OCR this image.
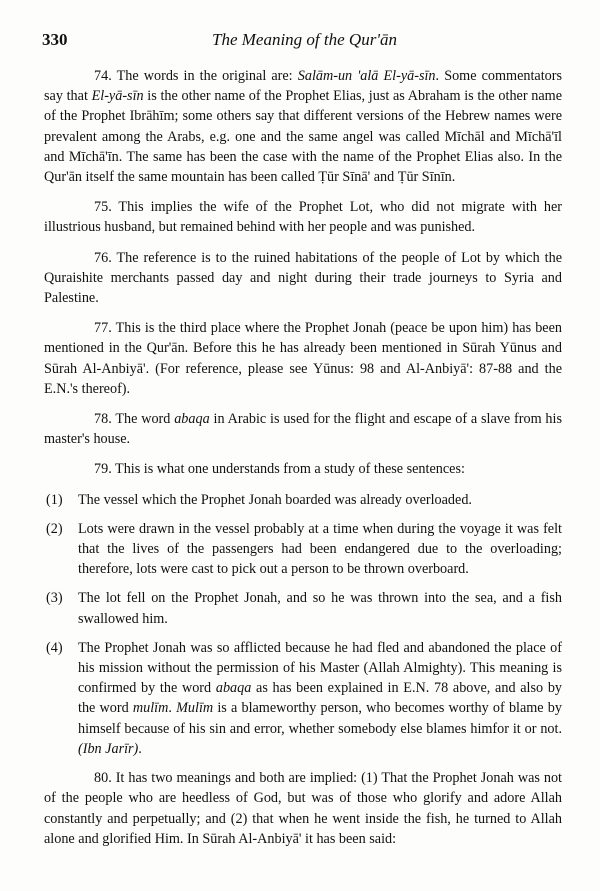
330	The Meaning of the Qur'ān

74. The words in the original are: Salām-un 'alā El-yā-sīn. Some commentators say that El-yā-sīn is the other name of the Prophet Elias, just as Abraham is the other name of the Prophet Ibrāhīm; some others say that different versions of the Hebrew names were prevalent among the Arabs, e.g. one and the same angel was called Mīchāl and Mīchā'īl and Mīchā'īn. The same has been the case with the name of the Prophet Elias also. In the Qur'ān itself the same mountain has been called Ṭūr Sīnā' and Ṭūr Sīnīn.

75. This implies the wife of the Prophet Lot, who did not migrate with her illustrious husband, but remained behind with her people and was punished.

76. The reference is to the ruined habitations of the people of Lot by which the Quraishite merchants passed day and night during their trade journeys to Syria and Palestine.

77. This is the third place where the Prophet Jonah (peace be upon him) has been mentioned in the Qur'ān. Before this he has already been mentioned in Sūrah Yūnus and Sūrah Al-Anbiyā'. (For reference, please see Yūnus: 98 and Al-Anbiyā': 87-88 and the E.N.'s thereof).

78. The word abaqa in Arabic is used for the flight and escape of a slave from his master's house.

79. This is what one understands from a study of these sentences:

(1) The vessel which the Prophet Jonah boarded was already overloaded.
(2) Lots were drawn in the vessel probably at a time when during the voyage it was felt that the lives of the passengers had been endangered due to the overloading; therefore, lots were cast to pick out a person to be thrown overboard.
(3) The lot fell on the Prophet Jonah, and so he was thrown into the sea, and a fish swallowed him.
(4) The Prophet Jonah was so afflicted because he had fled and abandoned the place of his mission without the permission of his Master (Allah Almighty). This meaning is confirmed by the word abaqa as has been explained in E.N. 78 above, and also by the word mulīm. Mulīm is a blameworthy person, who becomes worthy of blame by himself because of his sin and error, whether somebody else blames himfor it or not. (Ibn Jarīr).

80. It has two meanings and both are implied: (1) That the Prophet Jonah was not of the people who are heedless of God, but was of those who glorify and adore Allah constantly and perpetually; and (2) that when he went inside the fish, he turned to Allah alone and glorified Him. In Sūrah Al-Anbiyā' it has been said:
